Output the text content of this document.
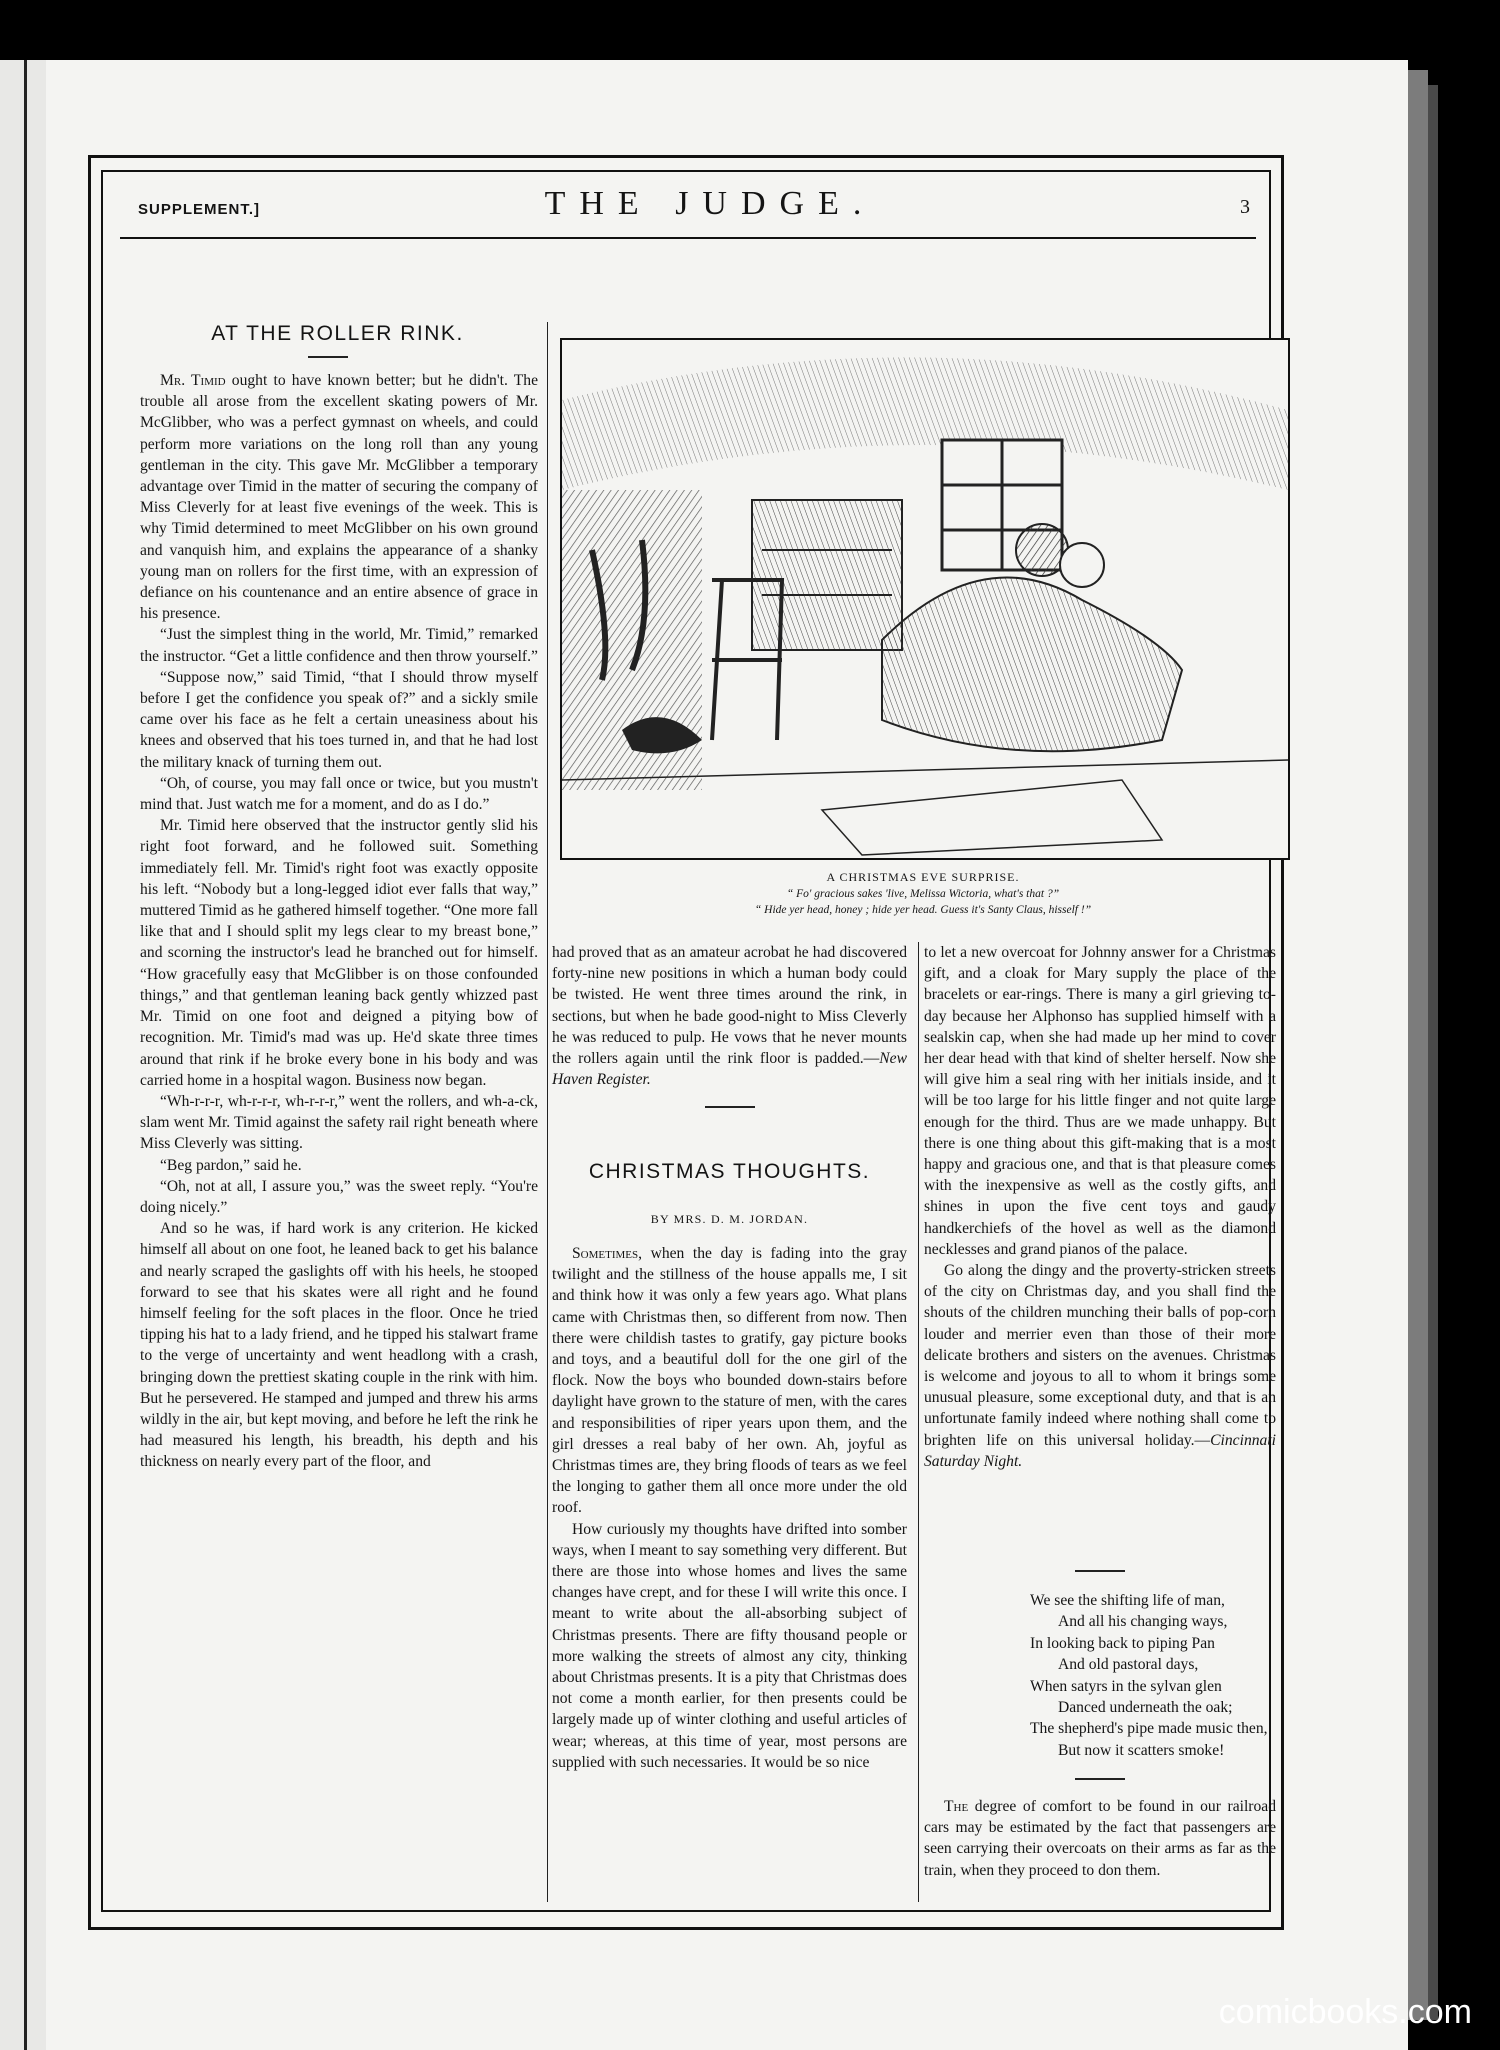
SUPPLEMENT.]	THE JUDGE.	3
AT THE ROLLER RINK.

Mr. Timid ought to have known better; but he didn't. The trouble all arose from the excellent skating powers of Mr. McGlibber, who was a perfect gymnast on wheels, and could perform more variations on the long roll than any young gentleman in the city. This gave Mr. McGlibber a temporary advantage over Timid in the matter of securing the company of Miss Cleverly for at least five evenings of the week. This is why Timid determined to meet McGlibber on his own ground and vanquish him, and explains the appearance of a shanky young man on rollers for the first time, with an expression of defiance on his countenance and an entire absence of grace in his presence.

“Just the simplest thing in the world, Mr. Timid,” remarked the instructor. “Get a little confidence and then throw yourself.”

“Suppose now,” said Timid, “that I should throw myself before I get the confidence you speak of?” and a sickly smile came over his face as he felt a certain uneasiness about his knees and observed that his toes turned in, and that he had lost the military knack of turning them out.

“Oh, of course, you may fall once or twice, but you mustn't mind that. Just watch me for a moment, and do as I do.”

Mr. Timid here observed that the instructor gently slid his right foot forward, and he followed suit. Something immediately fell. Mr. Timid's right foot was exactly opposite his left. “Nobody but a long-legged idiot ever falls that way,” muttered Timid as he gathered himself together. “One more fall like that and I should split my legs clear to my breast bone,” and scorning the instructor's lead he branched out for himself. “How gracefully easy that McGlibber is on those confounded things,” and that gentleman leaning back gently whizzed past Mr. Timid on one foot and deigned a pitying bow of recognition. Mr. Timid's mad was up. He'd skate three times around that rink if he broke every bone in his body and was carried home in a hospital wagon. Business now began.

“Wh-r-r-r, wh-r-r-r, wh-r-r-r,” went the rollers, and wh-a-ck, slam went Mr. Timid against the safety rail right beneath where Miss Cleverly was sitting.

“Beg pardon,” said he.

“Oh, not at all, I assure you,” was the sweet reply. “You're doing nicely.”

And so he was, if hard work is any criterion. He kicked himself all about on one foot, he leaned back to get his balance and nearly scraped the gaslights off with his heels, he stooped forward to see that his skates were all right and he found himself feeling for the soft places in the floor. Once he tried tipping his hat to a lady friend, and he tipped his stalwart frame to the verge of uncertainty and went headlong with a crash, bringing down the prettiest skating couple in the rink with him. But he persevered. He stamped and jumped and threw his arms wildly in the air, but kept moving, and before he left the rink he had measured his length, his breadth, his depth and his thickness on nearly every part of the floor, and

A CHRISTMAS EVE SURPRISE.
“ Fo' gracious sakes 'live, Melissa Wictoria, what's that ?”
“ Hide yer head, honey ; hide yer head. Guess it's Santy Claus, hisself !”

had proved that as an amateur acrobat he had discovered forty-nine new positions in which a human body could be twisted. He went three times around the rink, in sections, but when he bade good-night to Miss Cleverly he was reduced to pulp. He vows that he never mounts the rollers again until the rink floor is padded.—New Haven Register.

CHRISTMAS THOUGHTS.
BY MRS. D. M. JORDAN.

Sometimes, when the day is fading into the gray twilight and the stillness of the house appalls me, I sit and think how it was only a few years ago. What plans came with Christmas then, so different from now. Then there were childish tastes to gratify, gay picture books and toys, and a beautiful doll for the one girl of the flock. Now the boys who bounded down-stairs before daylight have grown to the stature of men, with the cares and responsibilities of riper years upon them, and the girl dresses a real baby of her own. Ah, joyful as Christmas times are, they bring floods of tears as we feel the longing to gather them all once more under the old roof.

How curiously my thoughts have drifted into somber ways, when I meant to say something very different. But there are those into whose homes and lives the same changes have crept, and for these I will write this once. I meant to write about the all-absorbing subject of Christmas presents. There are fifty thousand people or more walking the streets of almost any city, thinking about Christmas presents. It is a pity that Christmas does not come a month earlier, for then presents could be largely made up of winter clothing and useful articles of wear; whereas, at this time of year, most persons are supplied with such necessaries. It would be so nice

to let a new overcoat for Johnny answer for a Christmas gift, and a cloak for Mary supply the place of the bracelets or ear-rings. There is many a girl grieving to-day because her Alphonso has supplied himself with a sealskin cap, when she had made up her mind to cover her dear head with that kind of shelter herself. Now she will give him a seal ring with her initials inside, and it will be too large for his little finger and not quite large enough for the third. Thus are we made unhappy. But there is one thing about this gift-making that is a most happy and gracious one, and that is that pleasure comes with the inexpensive as well as the costly gifts, and shines in upon the five cent toys and gaudy handkerchiefs of the hovel as well as the diamond necklesses and grand pianos of the palace.

Go along the dingy and the proverty-stricken streets of the city on Christmas day, and you shall find the shouts of the children munching their balls of pop-corn louder and merrier even than those of their more delicate brothers and sisters on the avenues. Christmas is welcome and joyous to all to whom it brings some unusual pleasure, some exceptional duty, and that is an unfortunate family indeed where nothing shall come to brighten life on this universal holiday.—Cincinnati Saturday Night.

We see the shifting life of man,
And all his changing ways,
In looking back to piping Pan
And old pastoral days,
When satyrs in the sylvan glen
Danced underneath the oak;
The shepherd's pipe made music then,
But now it scatters smoke!

The degree of comfort to be found in our railroad cars may be estimated by the fact that passengers are seen carrying their overcoats on their arms as far as the train, when they proceed to don them.

comicbooks.com
